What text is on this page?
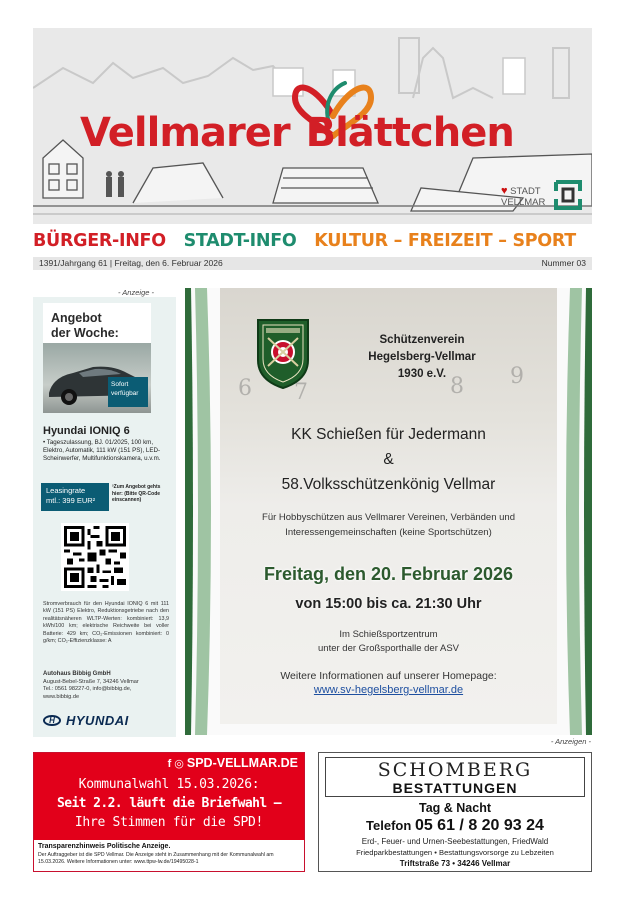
Vellmarer Blättchen
♥ STADT
VELLMAR
BÜRGER-INFO STADT-INFO KULTUR – FREIZEIT – SPORT
1391/Jahrgang 61 | Freitag, den 6. Februar 2026	Nummer 03
- Anzeige -
Angebot
der Woche:
Sofort
verfügbar
Hyundai IONIQ 6
• Tageszulassung, BJ. 01/2025, 100 km, Elektro, Automatik, 111 kW (151 PS), LED-Scheinwerfer, Multifunktionskamera, u.v.m.
Leasingrate
mtl.: 399 EUR²
²Zum Angebot gehts hier: (Bitte QR-Code einscannen)
Stromverbrauch für den Hyundai IONIQ 6 mit 111 kW (151 PS) Elektro, Reduktionsgetriebe nach den realitätsnäheren WLTP-Werten: kombiniert: 13,9 kWh/100 km; elektrische Reichweite bei voller Batterie: 429 km; CO₂-Emissionen kombiniert: 0 g/km; CO₂-Effizienzklasse: A
Autohaus Bibbig GmbH
August-Bebel-Straße 7, 34246 Vellmar
Tel.: 0561 98227-0, info@bibbig.de,
www.bibbig.de
H HYUNDAI
6 7
9
8
Schützenverein
Hegelsberg-Vellmar
1930 e.V.
KK Schießen für Jedermann
&
58.Volksschützenkönig Vellmar
Für Hobbyschützen aus Vellmarer Vereinen, Verbänden und Interessengemeinschaften (keine Sportschützen)
Freitag, den 20. Februar 2026
von 15:00 bis ca. 21:30 Uhr
Im Schießsportzentrum
unter der Großsporthalle der ASV
Weitere Informationen auf unserer Homepage:
www.sv-hegelsberg-vellmar.de
- Anzeigen -
f ◎ SPD-VELLMAR.DE
Kommunalwahl 15.03.2026:
Seit 2.2. läuft die Briefwahl –
Ihre Stimmen für die SPD!
Transparenzhinweis Politische Anzeige.
Der Auftraggeber ist die SPD Vellmar. Die Anzeige steht in Zusammenhang mit der Kommunalwahl am 15.03.2026. Weitere Informationen unter: www.ttpw-lw.de/19495028-1
SCHOMBERG
BESTATTUNGEN
Tag & Nacht
Telefon 05 61 / 8 20 93 24
Erd-, Feuer- und Urnen-Seebestattungen, FriedWald
Friedparkbestattungen • Bestattungsvorsorge zu Lebzeiten
Triftstraße 73 • 34246 Vellmar
